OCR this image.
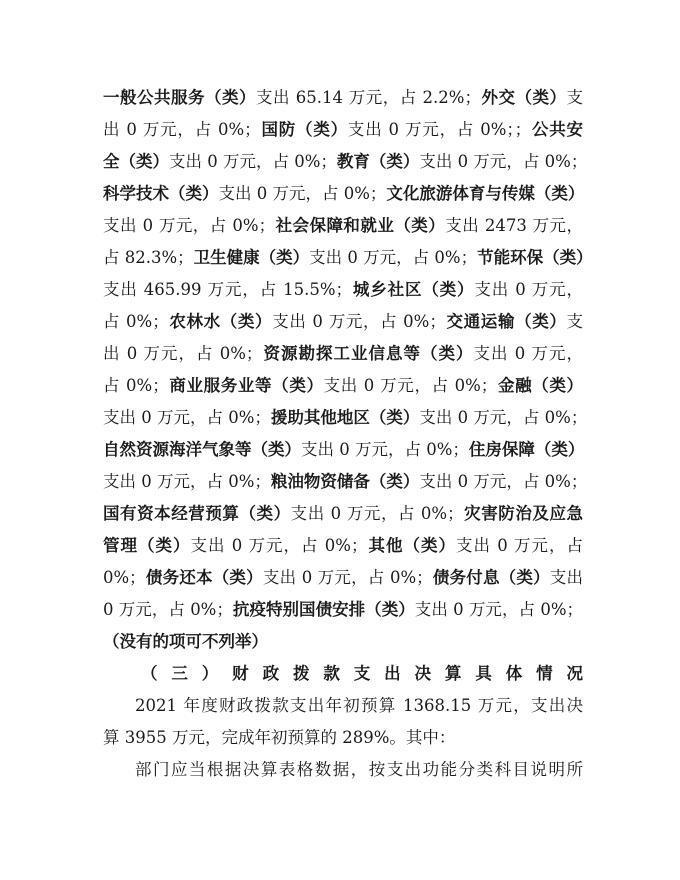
一般公共服务（类）支出 65.14 万元，占 2.2%；外交（类）支
出 0 万元，占 0%；国防（类）支出 0 万元，占 0%；；公共安
全（类）支出 0 万元，占 0%；教育（类）支出 0 万元，占 0%；
科学技术（类）支出 0 万元，占 0%；文化旅游体育与传媒（类）
支出 0 万元，占 0%；社会保障和就业（类）支出 2473 万元，
占 82.3%；卫生健康（类）支出 0 万元，占 0%；节能环保（类）
支出 465.99 万元，占 15.5%；城乡社区（类）支出 0 万元，
占 0%；农林水（类）支出 0 万元，占 0%；交通运输（类）支
出 0 万元，占 0%；资源勘探工业信息等（类）支出 0 万元，
占 0%；商业服务业等（类）支出 0 万元，占 0%；金融（类）
支出 0 万元，占 0%；援助其他地区（类）支出 0 万元，占 0%；
自然资源海洋气象等（类）支出 0 万元，占 0%；住房保障（类）
支出 0 万元，占 0%；粮油物资储备（类）支出 0 万元，占 0%；
国有资本经营预算（类）支出 0 万元，占 0%；灾害防治及应急
管理（类）支出 0 万元，占 0%；其他（类）支出 0 万元，占
0%；债务还本（类）支出 0 万元，占 0%；债务付息（类）支出
0 万元，占 0%；抗疫特别国债安排（类）支出 0 万元，占 0%；
（没有的项可不列举）
（三）财政拨款支出决算具体情况
2021 年度财政拨款支出年初预算 1368.15 万元，支出决
算 3955 万元，完成年初预算的 289%。其中：
部门应当根据决算表格数据，按支出功能分类科目说明所
